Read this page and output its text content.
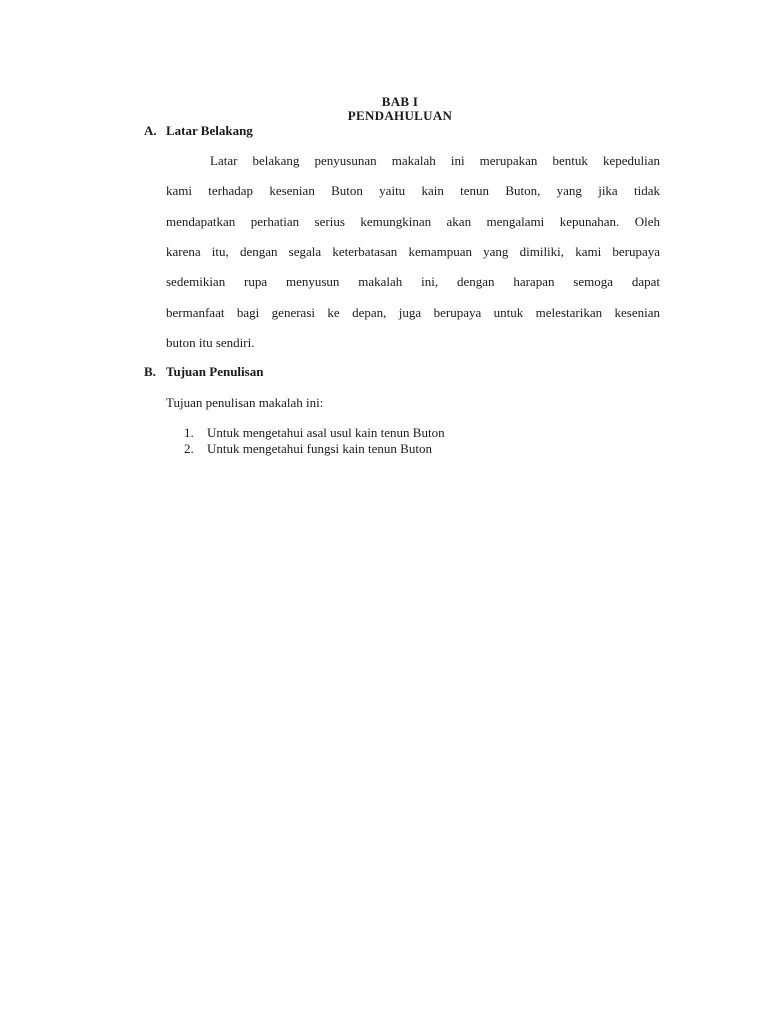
BAB I
PENDAHULUAN
A. Latar Belakang
Latar belakang penyusunan makalah ini merupakan bentuk kepedulian
kami terhadap kesenian Buton yaitu kain tenun Buton, yang jika tidak
mendapatkan perhatian serius kemungkinan akan mengalami kepunahan. Oleh
karena itu, dengan segala keterbatasan kemampuan yang dimiliki, kami berupaya
sedemikian rupa menyusun makalah ini, dengan harapan semoga dapat
bermanfaat bagi generasi ke depan, juga berupaya untuk melestarikan kesenian
buton itu sendiri.
B. Tujuan Penulisan
Tujuan penulisan makalah ini:
1. Untuk mengetahui asal usul kain tenun Buton
2. Untuk mengetahui fungsi kain tenun Buton
